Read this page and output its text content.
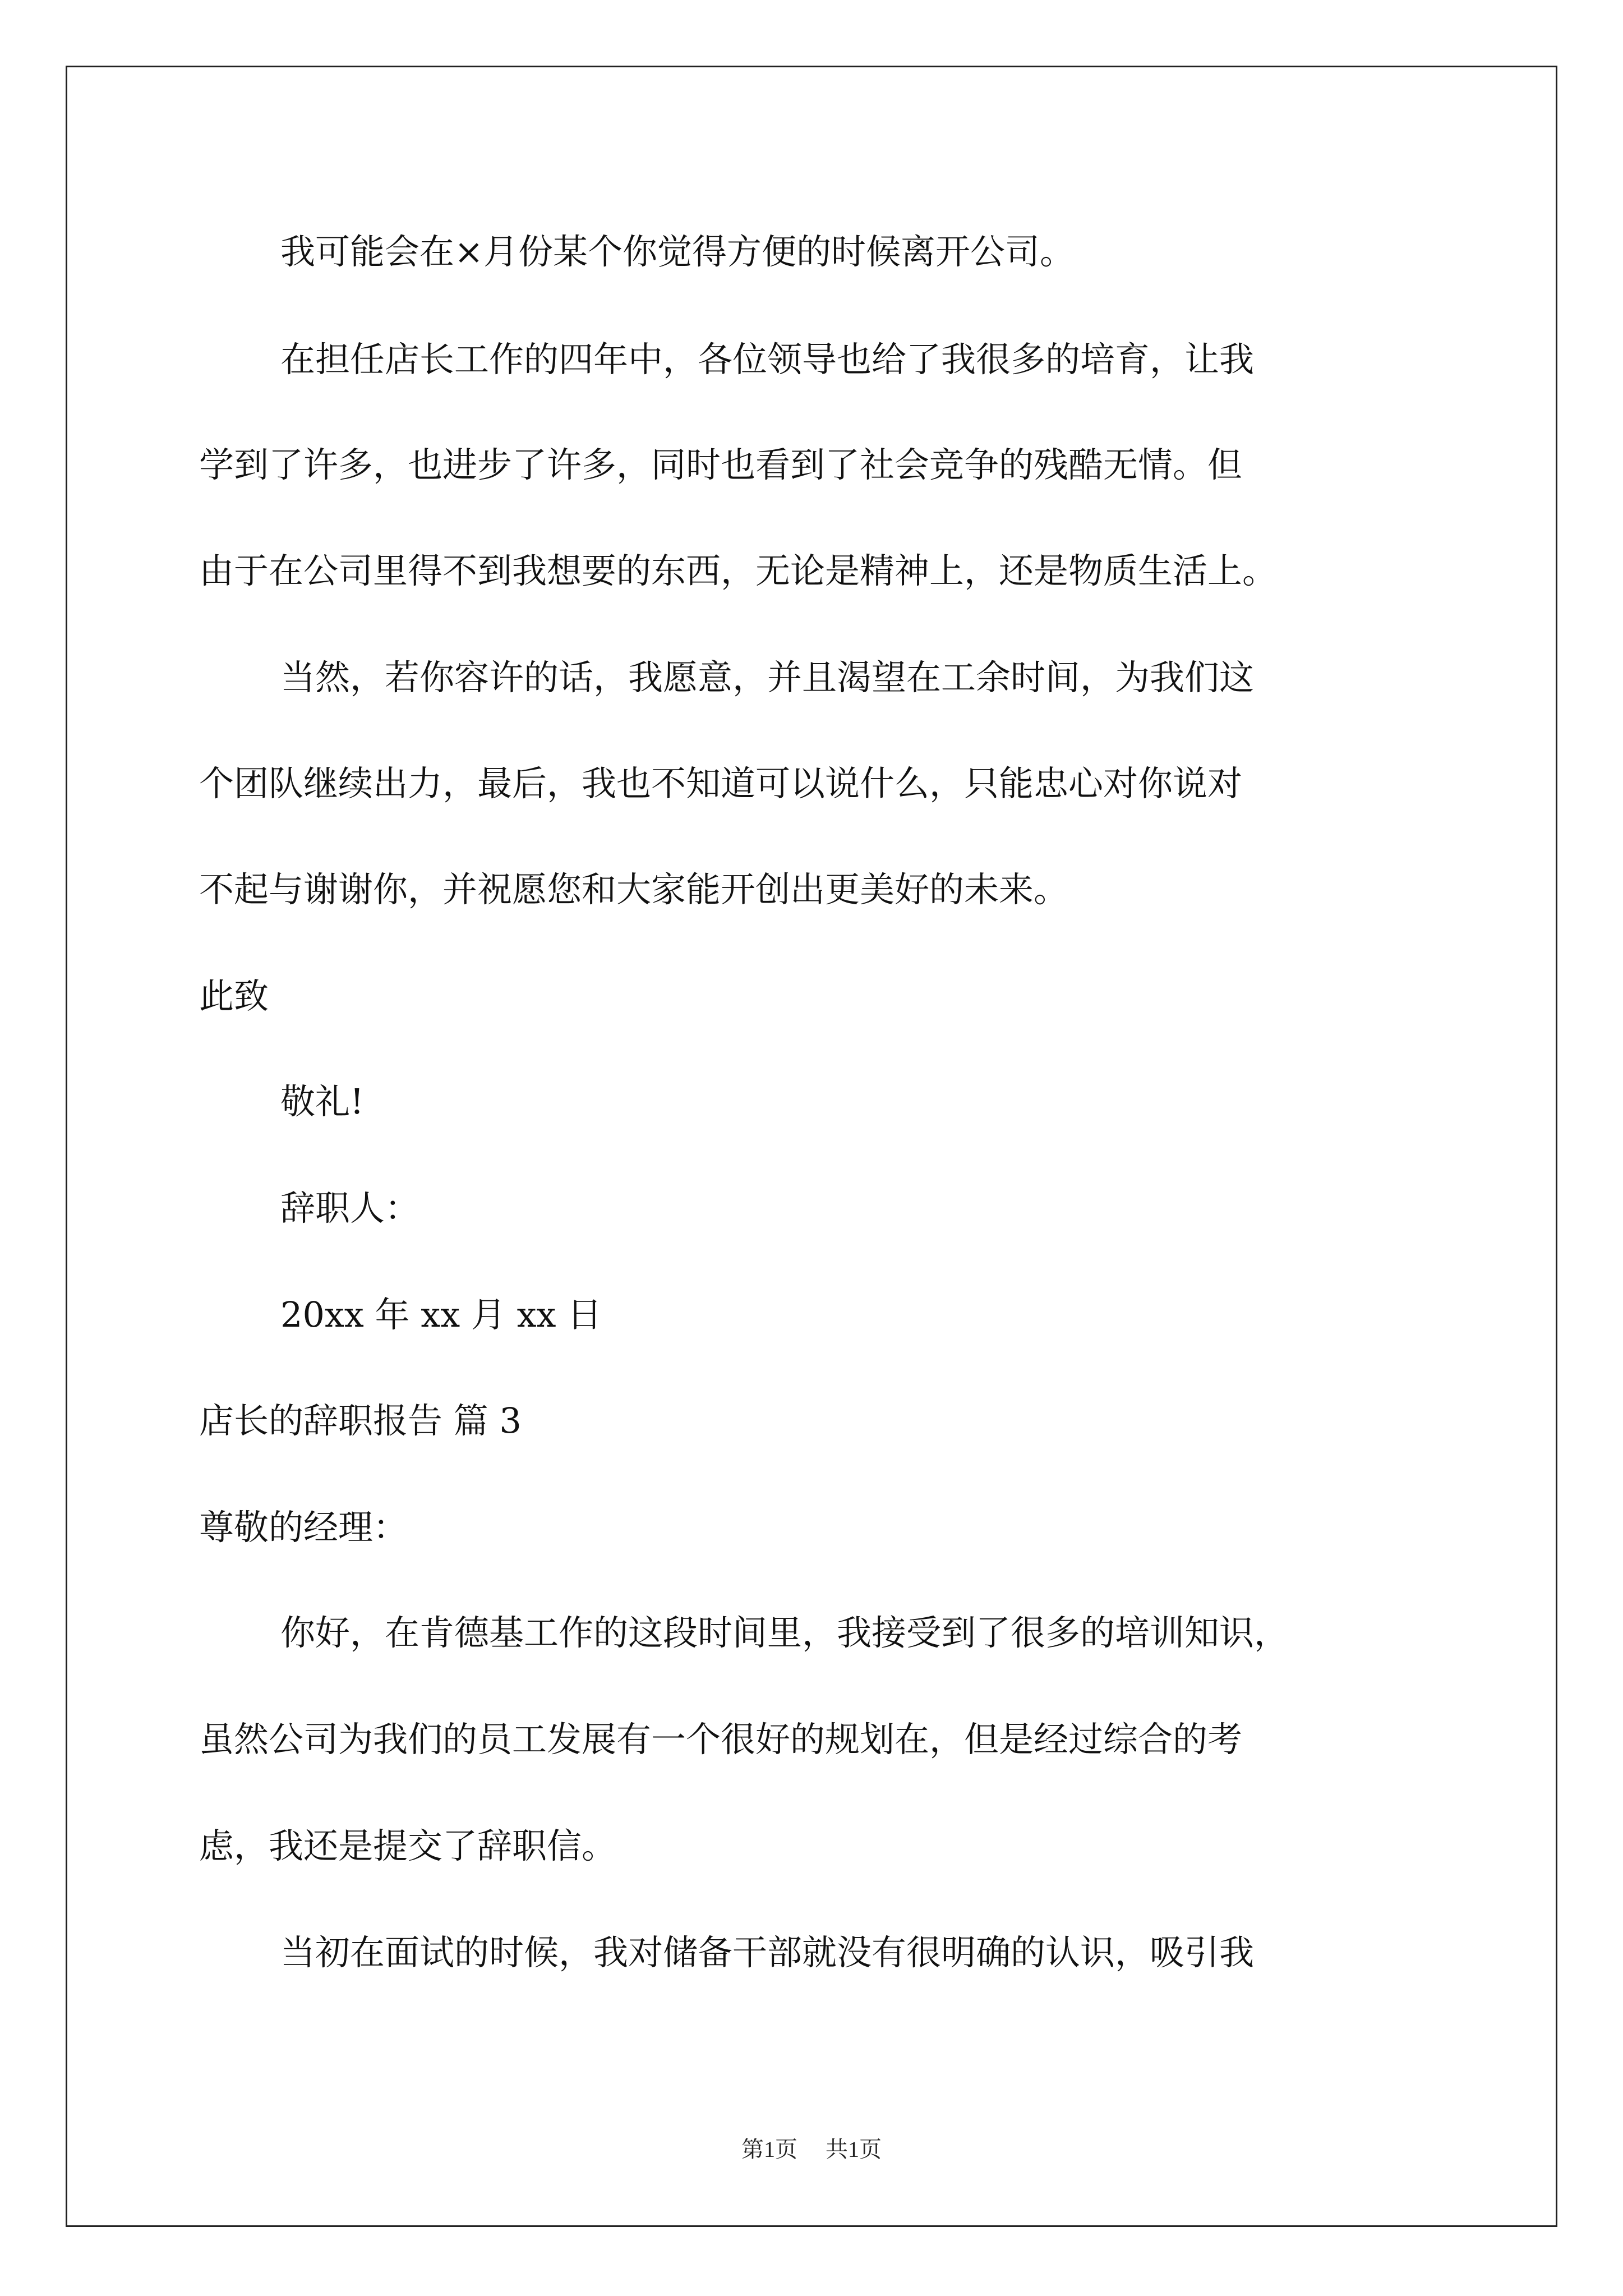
我可能会在×月份某个你觉得方便的时候离开公司。
在担任店长工作的四年中，各位领导也给了我很多的培育，让我
学到了许多，也进步了许多，同时也看到了社会竞争的残酷无情。但
由于在公司里得不到我想要的东西，无论是精神上，还是物质生活上。
当然，若你容许的话，我愿意，并且渴望在工余时间，为我们这
个团队继续出力，最后，我也不知道可以说什么，只能忠心对你说对
不起与谢谢你，并祝愿您和大家能开创出更美好的未来。
此致
敬礼!
辞职人：
20xx 年 xx 月 xx 日
店长的辞职报告 篇 3
尊敬的经理：
你好，在肯德基工作的这段时间里，我接受到了很多的培训知识，
虽然公司为我们的员工发展有一个很好的规划在，但是经过综合的考
虑，我还是提交了辞职信。
当初在面试的时候，我对储备干部就没有很明确的认识，吸引我
第1页 共1页
